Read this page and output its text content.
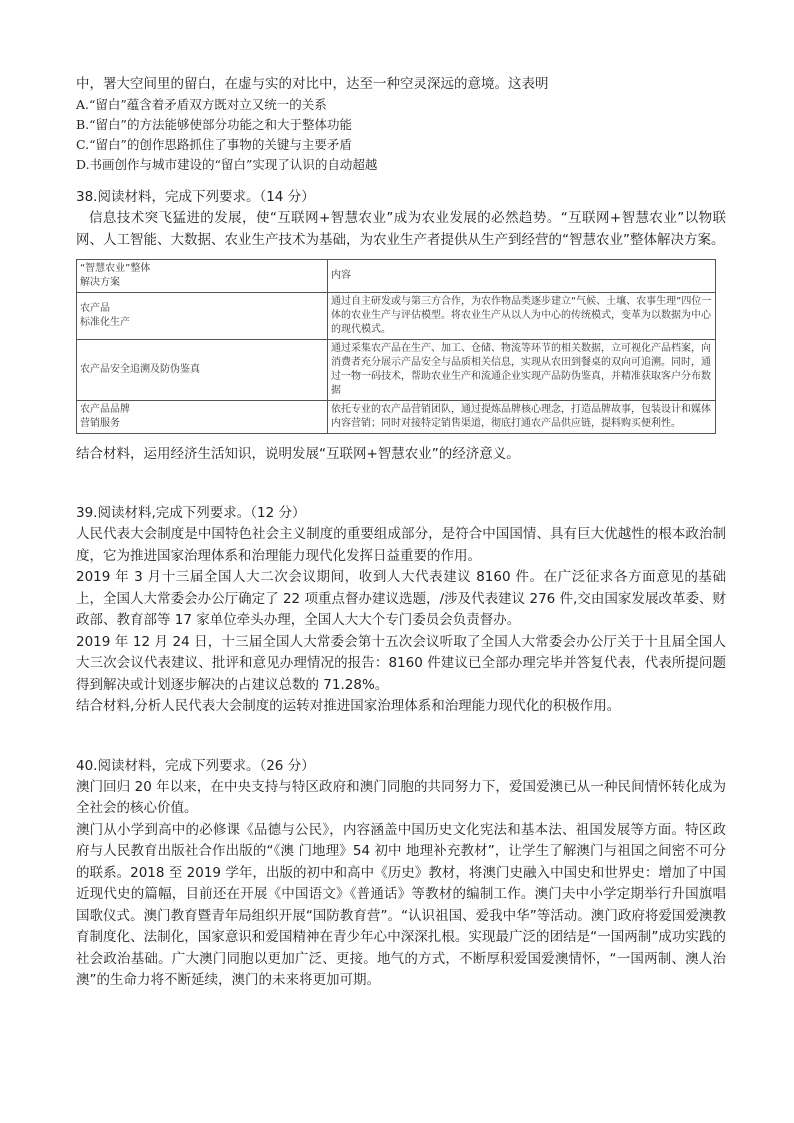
中，署大空间里的留白，在虚与实的对比中，达至一种空灵深远的意境。这表明
A.“留白”蕴含着矛盾双方既对立又统一的关系
B.“留白”的方法能够使部分功能之和大于整体功能
C.“留白”的创作思路抓住了事物的关键与主要矛盾
D.书画创作与城市建设的“留白”实现了认识的自动超越
38.阅读材料，完成下列要求。（14 分）
信息技术突飞猛进的发展，使“互联网+智慧农业”成为农业发展的必然趋势。“互联网+智慧农业”以物联网、人工智能、大数据、农业生产技术为基础，为农业生产者提供从生产到经营的“智慧农业”整体解决方案。
“智慧农业”整体
解决方案	内容
农产品
标准化生产	通过自主研发或与第三方合作，为农作物品类逐步建立“气候、土壤、农事生理”四位一体的农业生产与评估模型。将农业生产从以人为中心的传统模式，变革为以数据为中心的现代模式。
农产品安全追溯及防伪鉴真	通过采集农产品在生产、加工、仓储、物流等环节的相关数据，立可视化产品档案，向消费者充分展示产品安全与品质相关信息，实现从农田到餐桌的双向可追溯。同时，通过一物一码技术，帮助农业生产和流通企业实现产品防伪鉴真，并精准获取客户分布数据
农产品品牌
营销服务	依托专业的农产品营销团队，通过提炼品牌核心理念，打造品牌故事，包装设计和媒体内容营销；同时对接特定销售渠道，彻底打通农产品供应链，提料购买便利性。
结合材料，运用经济生活知识，说明发展“互联网+智慧农业”的经济意义。
39.阅读材料,完成下列要求。（12 分）
人民代表大会制度是中国特色社会主义制度的重要组成部分，是符合中国国情、具有巨大优越性的根本政治制度，它为推进国家治理体系和治理能力现代化发挥日益重要的作用。
2019 年 3 月十三届全国人大二次会议期间，收到人大代表建议 8160 件。在广泛征求各方面意见的基础上，全国人大常委会办公厅确定了 22 项重点督办建议选题，/涉及代表建议 276 件,交由国家发展改革委、财政部、教育部等 17 家单位牵头办理，全国人大大个专门委员会负责督办。
2019 年 12 月 24 日，十三届全国人大常委会第十五次会议听取了全国人大常委会办公厅关于十且届全国人大三次会议代表建议、批评和意见办理情况的报告：8160 件建议已全部办理完毕并答复代表，代表所提问题得到解决或计划逐步解决的占建议总数的 71.28%。
结合材料,分析人民代表大会制度的运转对推进国家治理体系和治理能力现代化的积极作用。
40.阅读材料，完成下列要求。（26 分）
澳门回归 20 年以来，在中央支持与特区政府和澳门同胞的共同努力下，爱国爱澳已从一种民间情怀转化成为全社会的核心价值。
澳门从小学到高中的必修课《品德与公民》，内容涵盖中国历史文化宪法和基本法、祖国发展等方面。特区政府与人民教育出版社合作出版的“《澳 门地理》54 初中 地理补充教材”，让学生了解澳门与祖国之间密不可分的联系。2018 至 2019 学年，出版的初中和高中《历史》教材，将澳门史融入中国史和世界史：增加了中国近现代史的篇幅，目前还在开展《中国语文》《普通话》等教材的编制工作。澳门夫中小学定期举行升国旗唱国歌仪式。澳门教育暨青年局组织开展“国防教育营”。“认识祖国、爱我中华”等活动。澳门政府将爱国爱澳教育制度化、法制化，国家意识和爱国精神在青少年心中深深扎根。实现最广泛的团结是“一国两制”成功实践的社会政治基础。广大澳门同胞以更加广泛、更接。地气的方式，不断厚积爱国爱澳情怀，“一国两制、澳人治 澳”的生命力将不断延续，澳门的未来将更加可期。
